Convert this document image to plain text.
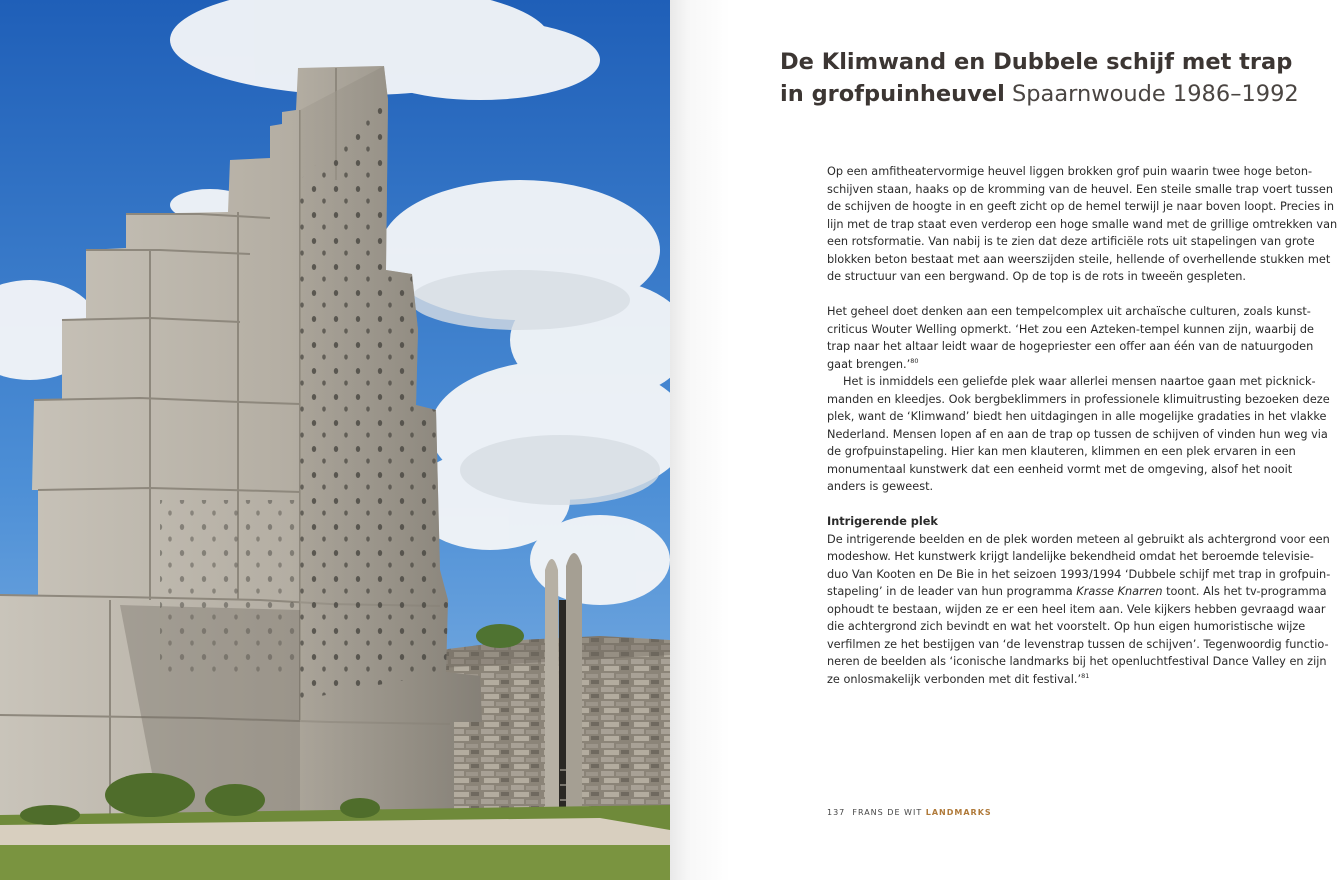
De Klimwand en Dubbele schijf met trap in grofpuinheuvel Spaarnwoude 1986–1992
Op een amfitheatervormige heuvel liggen brokken grof puin waarin twee hoge beton-
schijven staan, haaks op de kromming van de heuvel. Een steile smalle trap voert tussen
de schijven de hoogte in en geeft zicht op de hemel terwijl je naar boven loopt. Precies in
lijn met de trap staat even verderop een hoge smalle wand met de grillige omtrekken van
een rotsformatie. Van nabij is te zien dat deze artificiële rots uit stapelingen van grote
blokken beton bestaat met aan weerszijden steile, hellende of overhellende stukken met
de structuur van een bergwand. Op de top is de rots in tweeën gespleten.
Het geheel doet denken aan een tempelcomplex uit archaïsche culturen, zoals kunst-
criticus Wouter Welling opmerkt. ‘Het zou een Azteken-tempel kunnen zijn, waarbij de
trap naar het altaar leidt waar de hogepriester een offer aan één van de natuurgoden
gaat brengen.’$^{80}$
Het is inmiddels een geliefde plek waar allerlei mensen naartoe gaan met picknick-
manden en kleedjes. Ook bergbeklimmers in professionele klimuitrusting bezoeken deze
plek, want de ‘Klimwand’ biedt hen uitdagingen in alle mogelijke gradaties in het vlakke
Nederland. Mensen lopen af en aan de trap op tussen de schijven of vinden hun weg via
de grofpuinstapeling. Hier kan men klauteren, klimmen en een plek ervaren in een
monumentaal kunstwerk dat een eenheid vormt met de omgeving, alsof het nooit
anders is geweest.
Intrigerende plek
De intrigerende beelden en de plek worden meteen al gebruikt als achtergrond voor een
modeshow. Het kunstwerk krijgt landelijke bekendheid omdat het beroemde televisie-
duo Van Kooten en De Bie in het seizoen 1993/1994 ‘Dubbele schijf met trap in grofpuin-
stapeling’ in de leader van hun programma Krasse Knarren toont. Als het tv-programma
ophoudt te bestaan, wijden ze er een heel item aan. Vele kijkers hebben gevraagd waar
die achtergrond zich bevindt en wat het voorstelt. Op hun eigen humoristische wijze
verfilmen ze het bestijgen van ‘de levenstrap tussen de schijven’. Tegenwoordig functio-
neren de beelden als ‘iconische landmarks bij het openluchtfestival Dance Valley en zijn
ze onlosmakelijk verbonden met dit festival.’$^{81}$
137 FRANS DE WIT LANDMARKS
